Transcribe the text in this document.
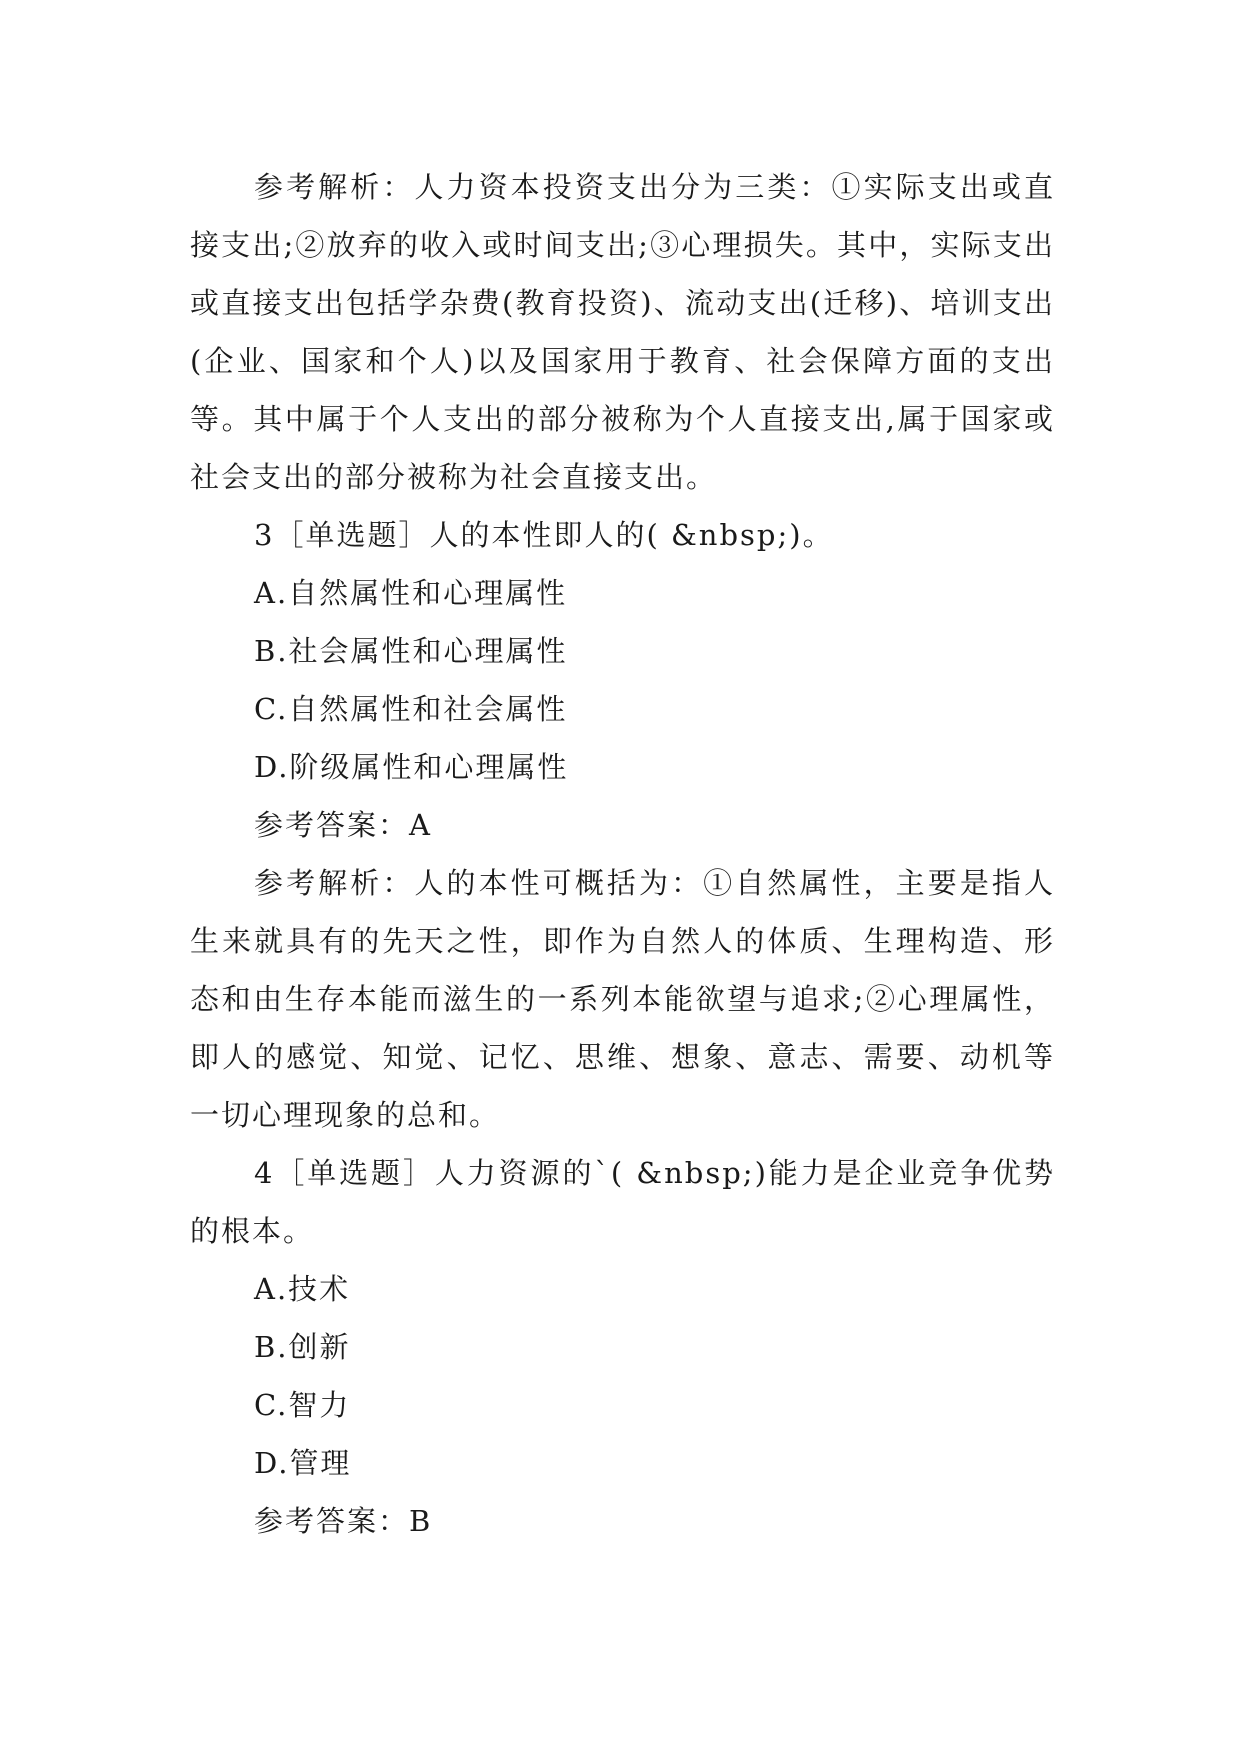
参考解析：人力资本投资支出分为三类：①实际支出或直接支出;②放弃的收入或时间支出;③心理损失。其中，实际支出或直接支出包括学杂费(教育投资)、流动支出(迁移)、培训支出(企业、国家和个人)以及国家用于教育、社会保障方面的支出等。其中属于个人支出的部分被称为个人直接支出,属于国家或社会支出的部分被称为社会直接支出。

3［单选题］人的本性即人的( &nbsp;)。

A.自然属性和心理属性

B.社会属性和心理属性

C.自然属性和社会属性

D.阶级属性和心理属性

参考答案：A

参考解析：人的本性可概括为：①自然属性，主要是指人生来就具有的先天之性，即作为自然人的体质、生理构造、形态和由生存本能而滋生的一系列本能欲望与追求;②心理属性，即人的感觉、知觉、记忆、思维、想象、意志、需要、动机等一切心理现象的总和。

4［单选题］人力资源的`( &nbsp;)能力是企业竞争优势的根本。

A.技术

B.创新

C.智力

D.管理

参考答案：B
